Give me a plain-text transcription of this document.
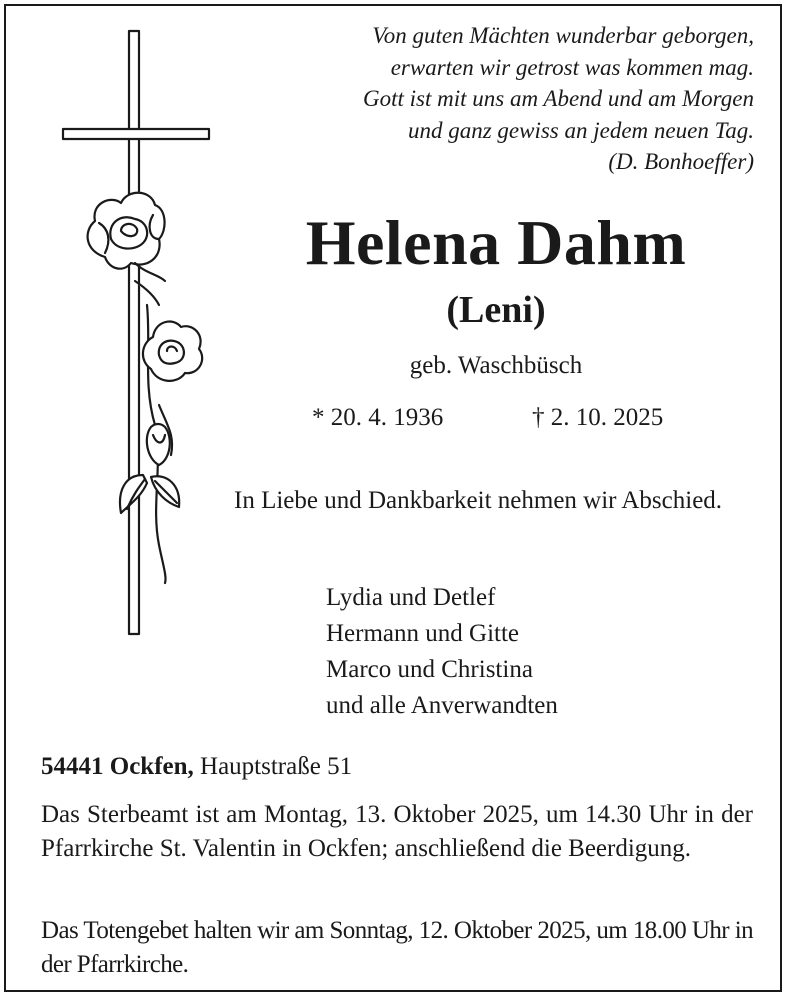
Von guten Mächten wunderbar geborgen,
erwarten wir getrost was kommen mag.
Gott ist mit uns am Abend und am Morgen
und ganz gewiss an jedem neuen Tag.
(D. Bonhoeffer)
Helena Dahm
(Leni)
geb. Waschbüsch
* 20. 4. 1936	† 2. 10. 2025
In Liebe und Dankbarkeit nehmen wir Abschied.
Lydia und Detlef
Hermann und Gitte
Marco und Christina
und alle Anverwandten
54441 Ockfen, Hauptstraße 51
Das Sterbeamt ist am Montag, 13. Oktober 2025, um 14.30 Uhr in der Pfarrkirche St. Valentin in Ockfen; anschließend die Beerdigung.
Das Totengebet halten wir am Sonntag, 12. Oktober 2025, um 18.00 Uhr in der Pfarrkirche.
